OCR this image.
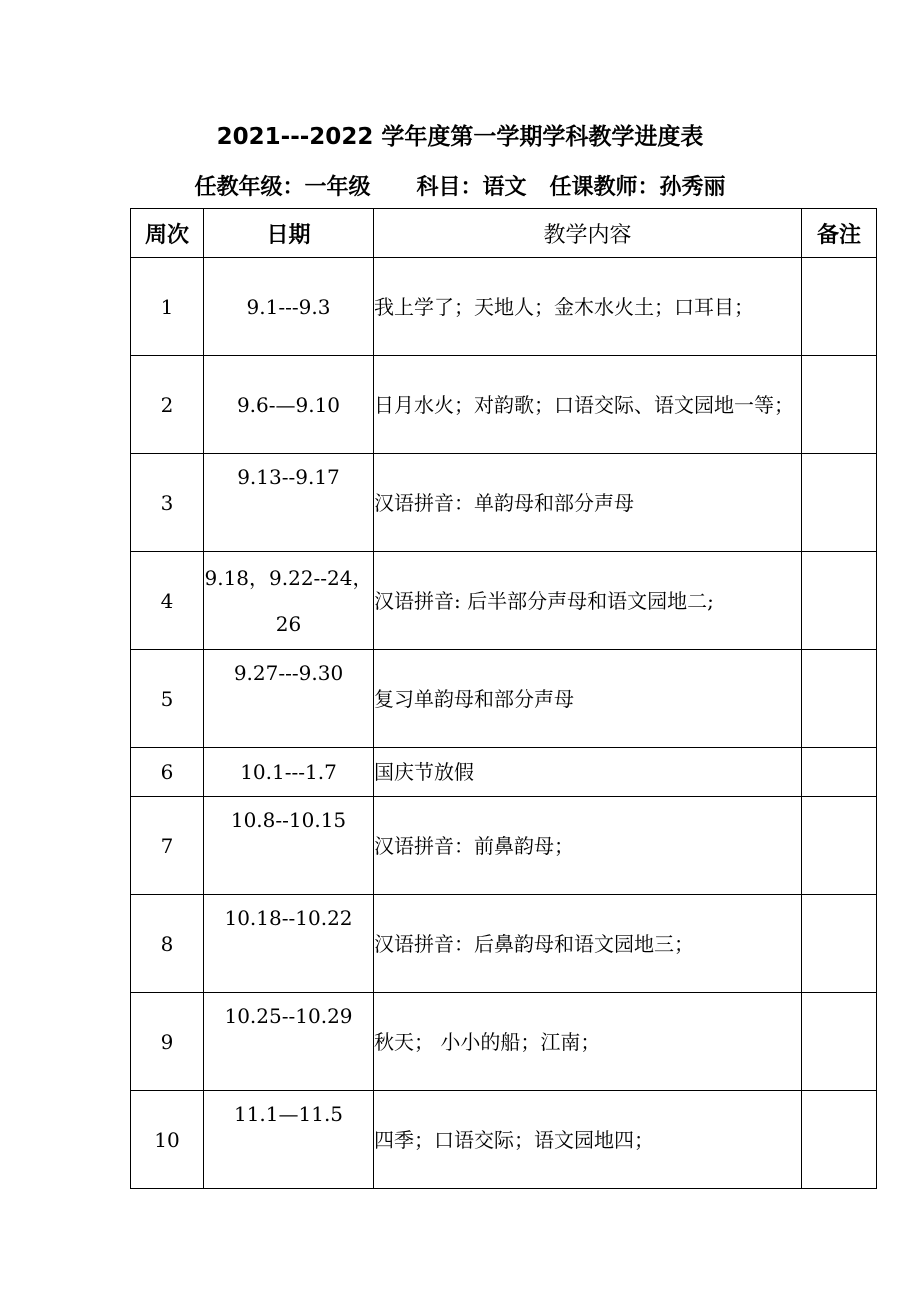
2021---2022 学年度第一学期学科教学进度表
任教年级：一年级      科目：语文   任课教师：孙秀丽
周次	日期	教学内容	备注
1	9.1---9.3	我上学了；天地人；金木水火土；口耳目；	
2	9.6-—9.10	日月水火；对韵歌；口语交际、语文园地一等；	
3	9.13--9.17	汉语拼音：单韵母和部分声母	
4	9.18，9.22--24，26	汉语拼音: 后半部分声母和语文园地二;	
5	9.27---9.30	复习单韵母和部分声母	
6	10.1---1.7	国庆节放假	
7	10.8--10.15	汉语拼音：前鼻韵母；	
8	10.18--10.22	汉语拼音：后鼻韵母和语文园地三；	
9	10.25--10.29	秋天； 小小的船；江南；	
10	11.1—11.5	四季；口语交际；语文园地四；	
